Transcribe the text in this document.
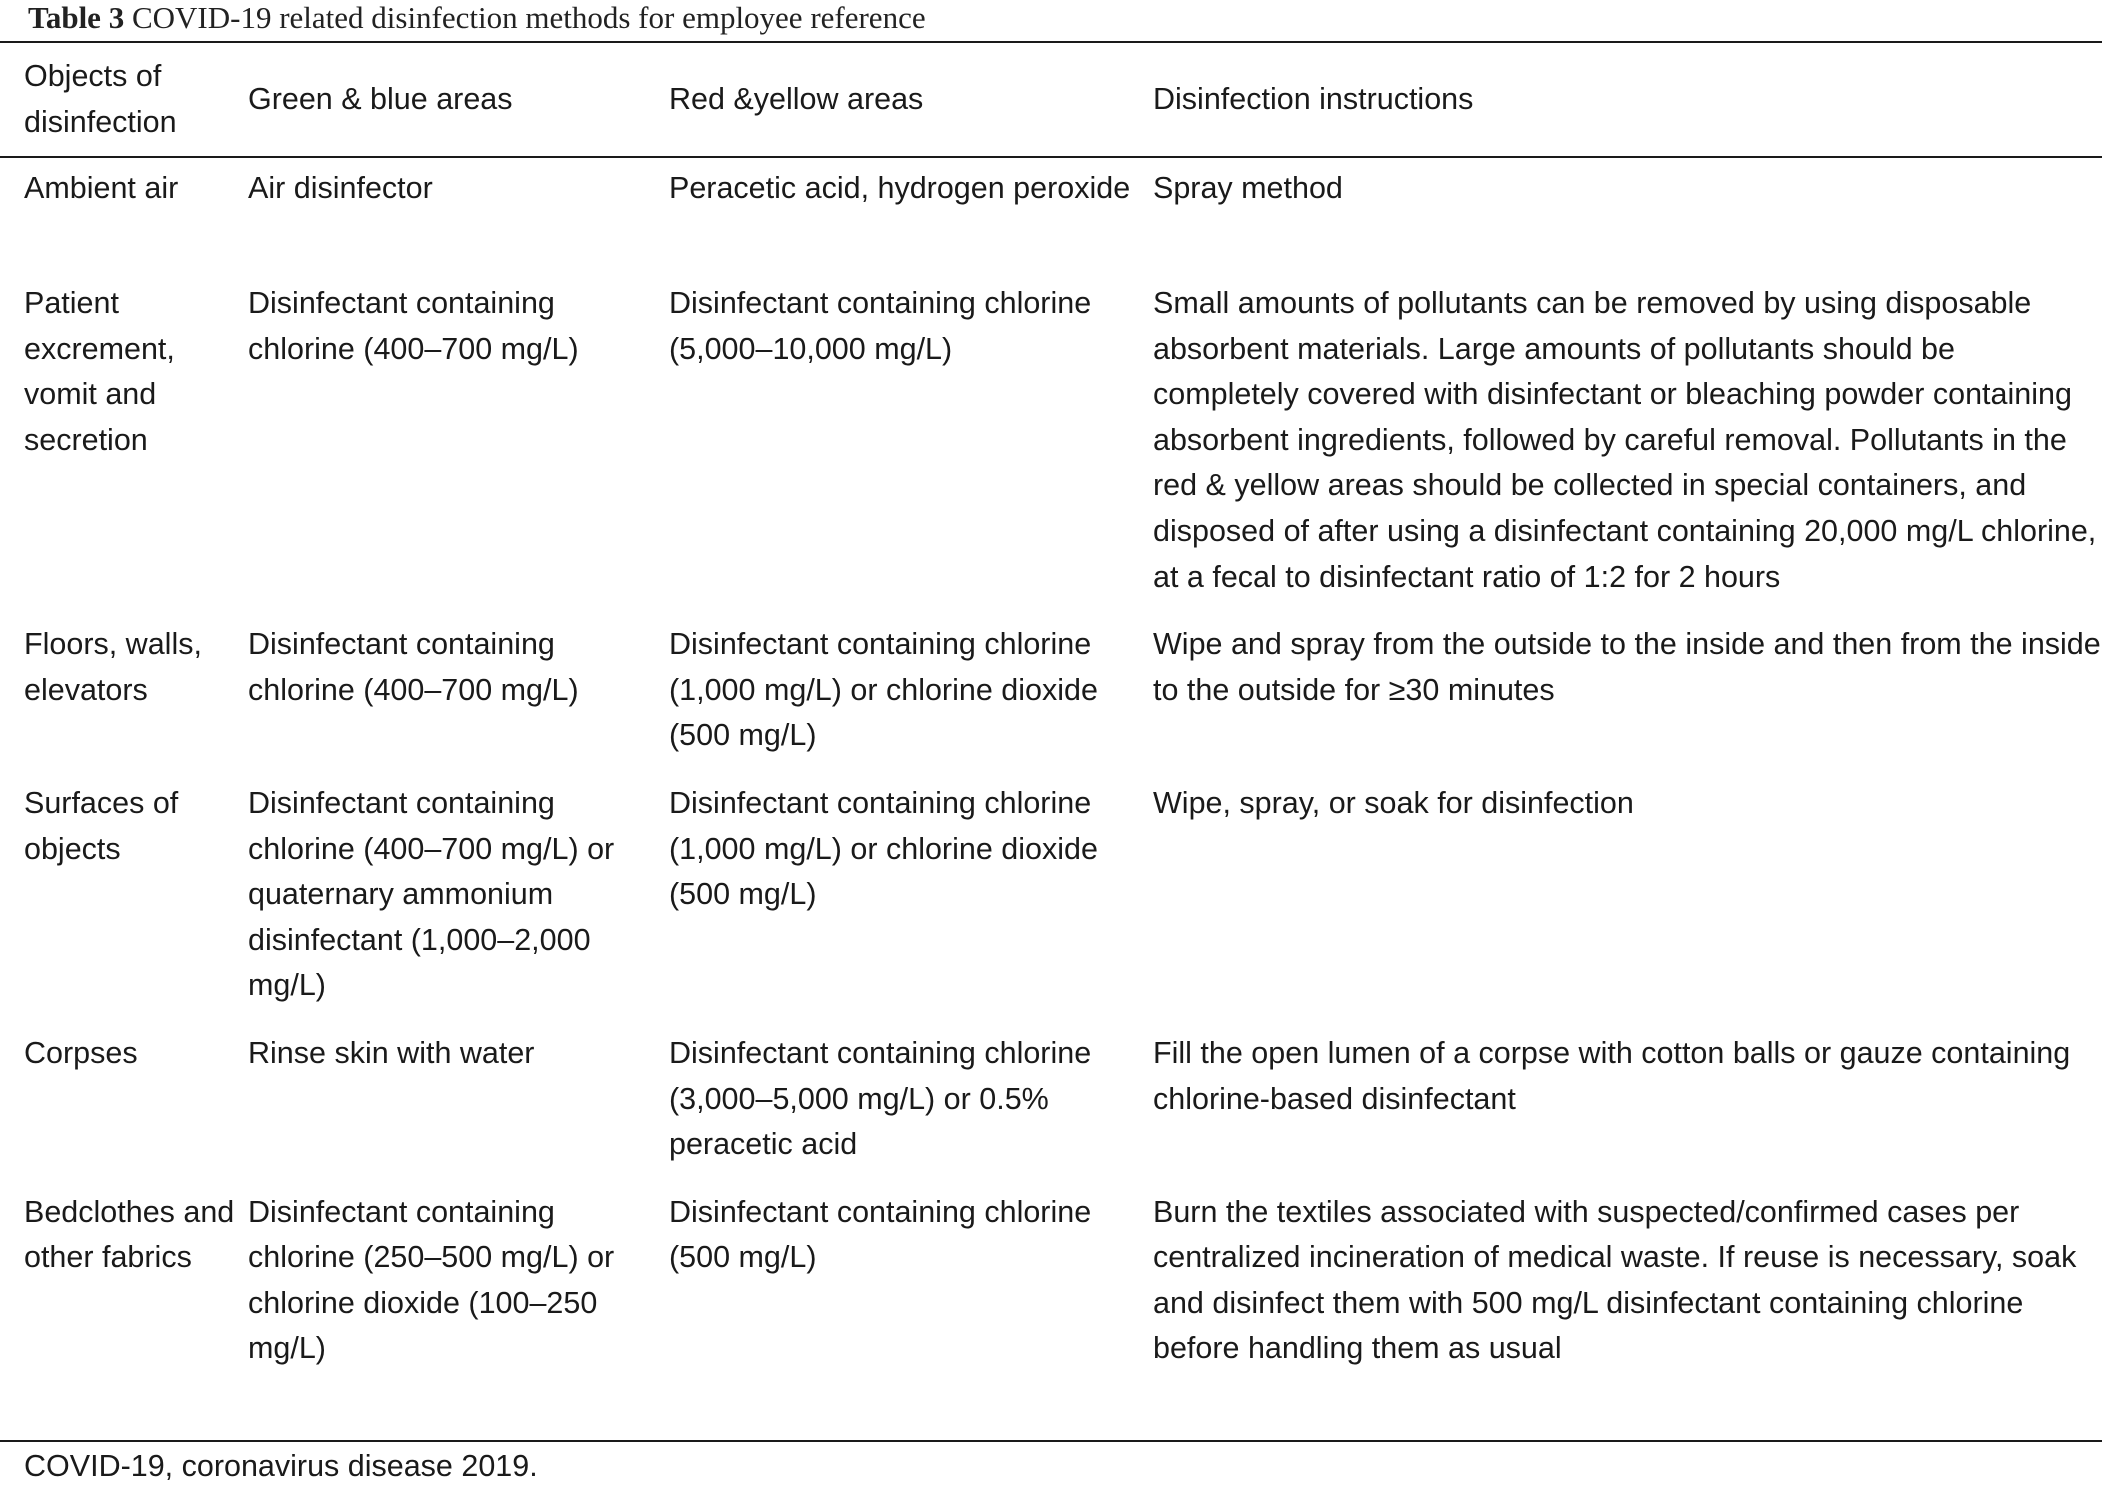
Table 3 COVID-19 related disinfection methods for employee reference
Objects of disinfection	Green & blue areas	Red &yellow areas	Disinfection instructions
Ambient air	Air disinfector	Peracetic acid, hydrogen peroxide	Spray method
Patient excrement, vomit and secretion	Disinfectant containing chlorine (400–700 mg/L)	Disinfectant containing chlorine (5,000–10,000 mg/L)	Small amounts of pollutants can be removed by using disposable absorbent materials. Large amounts of pollutants should be completely covered with disinfectant or bleaching powder containing absorbent ingredients, followed by careful removal. Pollutants in the red & yellow areas should be collected in special containers, and disposed of after using a disinfectant containing 20,000 mg/L chlorine, at a fecal to disinfectant ratio of 1:2 for 2 hours
Floors, walls, elevators	Disinfectant containing chlorine (400–700 mg/L)	Disinfectant containing chlorine (1,000 mg/L) or chlorine dioxide (500 mg/L)	Wipe and spray from the outside to the inside and then from the inside to the outside for ≥30 minutes
Surfaces of objects	Disinfectant containing chlorine (400–700 mg/L) or quaternary ammonium disinfectant (1,000–2,000 mg/L)	Disinfectant containing chlorine (1,000 mg/L) or chlorine dioxide (500 mg/L)	Wipe, spray, or soak for disinfection
Corpses	Rinse skin with water	Disinfectant containing chlorine (3,000–5,000 mg/L) or 0.5% peracetic acid	Fill the open lumen of a corpse with cotton balls or gauze containing chlorine-based disinfectant
Bedclothes and other fabrics	Disinfectant containing chlorine (250–500 mg/L) or chlorine dioxide (100–250 mg/L)	Disinfectant containing chlorine (500 mg/L)	Burn the textiles associated with suspected/confirmed cases per centralized incineration of medical waste. If reuse is necessary, soak and disinfect them with 500 mg/L disinfectant containing chlorine before handling them as usual
COVID-19, coronavirus disease 2019.
